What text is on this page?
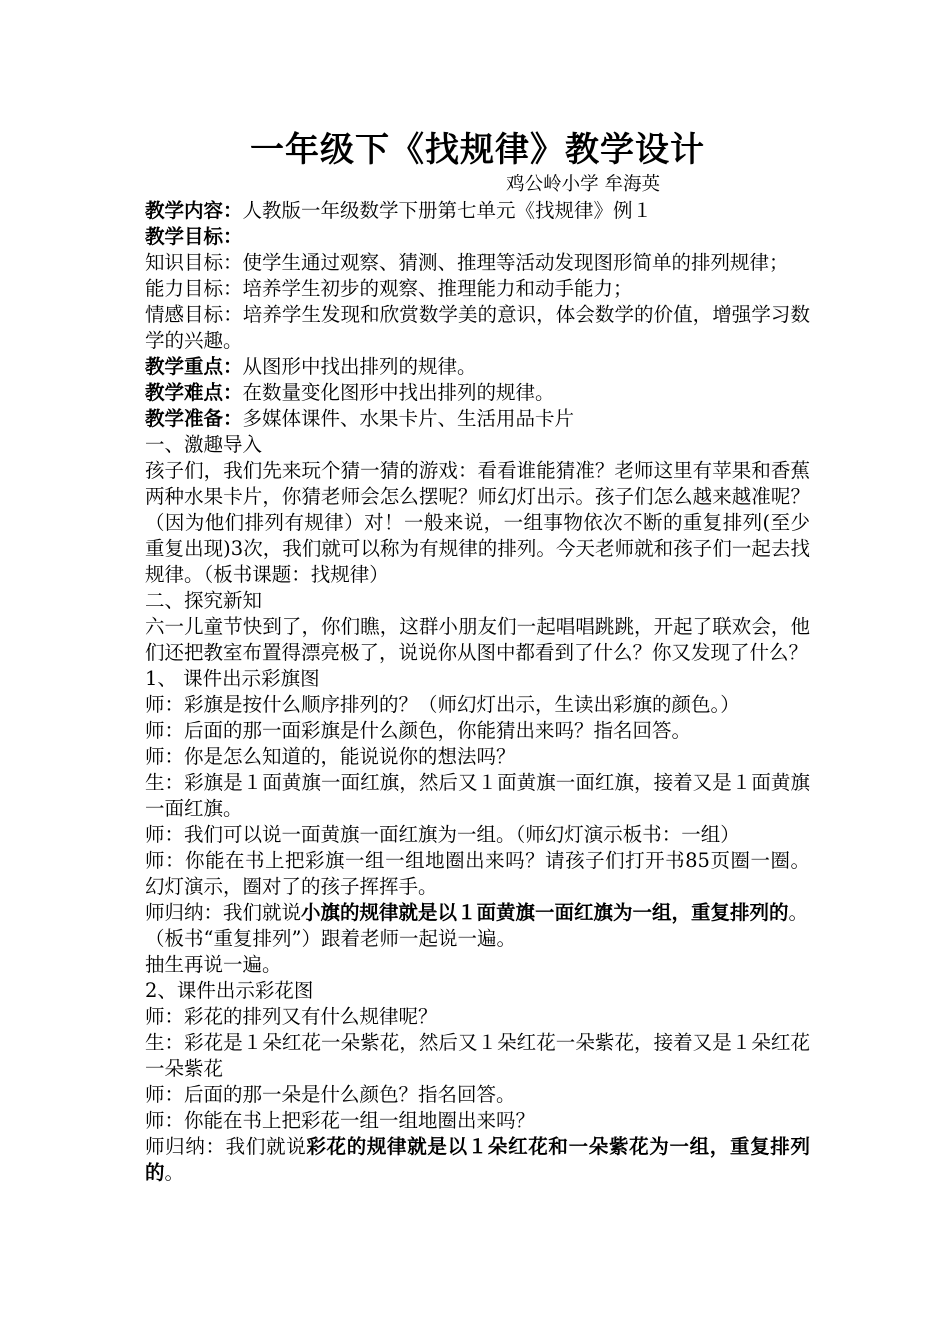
一年级下《找规律》教学设计
鸡公岭小学 牟海英

教学内容：人教版一年级数学下册第七单元《找规律》例１

教学目标：

知识目标：使学生通过观察、猜测、推理等活动发现图形简单的排列规律；

能力目标：培养学生初步的观察、推理能力和动手能力；

情感目标：培养学生发现和欣赏数学美的意识，体会数学的价值，增强学习数学的兴趣。

教学重点：从图形中找出排列的规律。

教学难点：在数量变化图形中找出排列的规律。

教学准备：多媒体课件、水果卡片、生活用品卡片

一、激趣导入

孩子们，我们先来玩个猜一猜的游戏：看看谁能猜准？老师这里有苹果和香蕉两种水果卡片，你猜老师会怎么摆呢？师幻灯出示。孩子们怎么越来越准呢？（因为他们排列有规律）对！一般来说，一组事物依次不断的重复排列(至少重复出现)3次，我们就可以称为有规律的排列。今天老师就和孩子们一起去找规律。（板书课题：找规律）

二、探究新知

六一儿童节快到了，你们瞧，这群小朋友们一起唱唱跳跳，开起了联欢会，他们还把教室布置得漂亮极了，说说你从图中都看到了什么？你又发现了什么？

1、 课件出示彩旗图

师：彩旗是按什么顺序排列的？（师幻灯出示，生读出彩旗的颜色。）

师：后面的那一面彩旗是什么颜色，你能猜出来吗？指名回答。

师：你是怎么知道的，能说说你的想法吗？

生：彩旗是１面黄旗一面红旗，然后又１面黄旗一面红旗，接着又是１面黄旗一面红旗。

师：我们可以说一面黄旗一面红旗为一组。（师幻灯演示板书：一组）

师：你能在书上把彩旗一组一组地圈出来吗？请孩子们打开书85页圈一圈。幻灯演示，圈对了的孩子挥挥手。

师归纳：我们就说小旗的规律就是以１面黄旗一面红旗为一组，重复排列的。

（板书“重复排列”）跟着老师一起说一遍。

抽生再说一遍。

2、课件出示彩花图

师：彩花的排列又有什么规律呢？

生：彩花是１朵红花一朵紫花，然后又１朵红花一朵紫花，接着又是１朵红花一朵紫花

师：后面的那一朵是什么颜色？指名回答。

师：你能在书上把彩花一组一组地圈出来吗？

师归纳：我们就说彩花的规律就是以１朵红花和一朵紫花为一组，重复排列的。
